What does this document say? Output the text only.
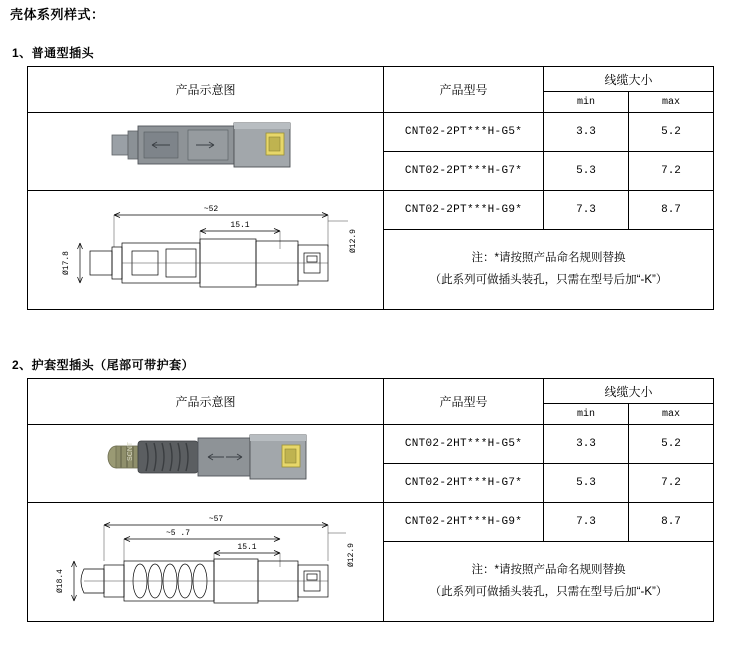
壳体系列样式：
1、普通型插头
产品示意图	产品型号	线缆大小	
		min	max

	CNT02-2PT***H-G5*	3.3	5.2
	CNT02-2PT***H-G7*	5.3	7.2

~52
15.1
Ø12.9
Ø17.8	CNT02-2PT***H-G9*	7.3	8.7

	注：*请按照产品命名规则替换
（此系列可做插头装孔，只需在型号后加“-K”）		
2、护套型插头（尾部可带护套）
产品示意图	产品型号	线缆大小	
		min	max

SCNT	CNT02-2HT***H-G5*	3.3	5.2
	CNT02-2HT***H-G7*	5.3	7.2

~57
~5 .7
15.1 Ø12.9
Ø18.4	CNT02-2HT***H-G9*	7.3	8.7

	注：*请按照产品命名规则替换
（此系列可做插头装孔，只需在型号后加“-K”）		
